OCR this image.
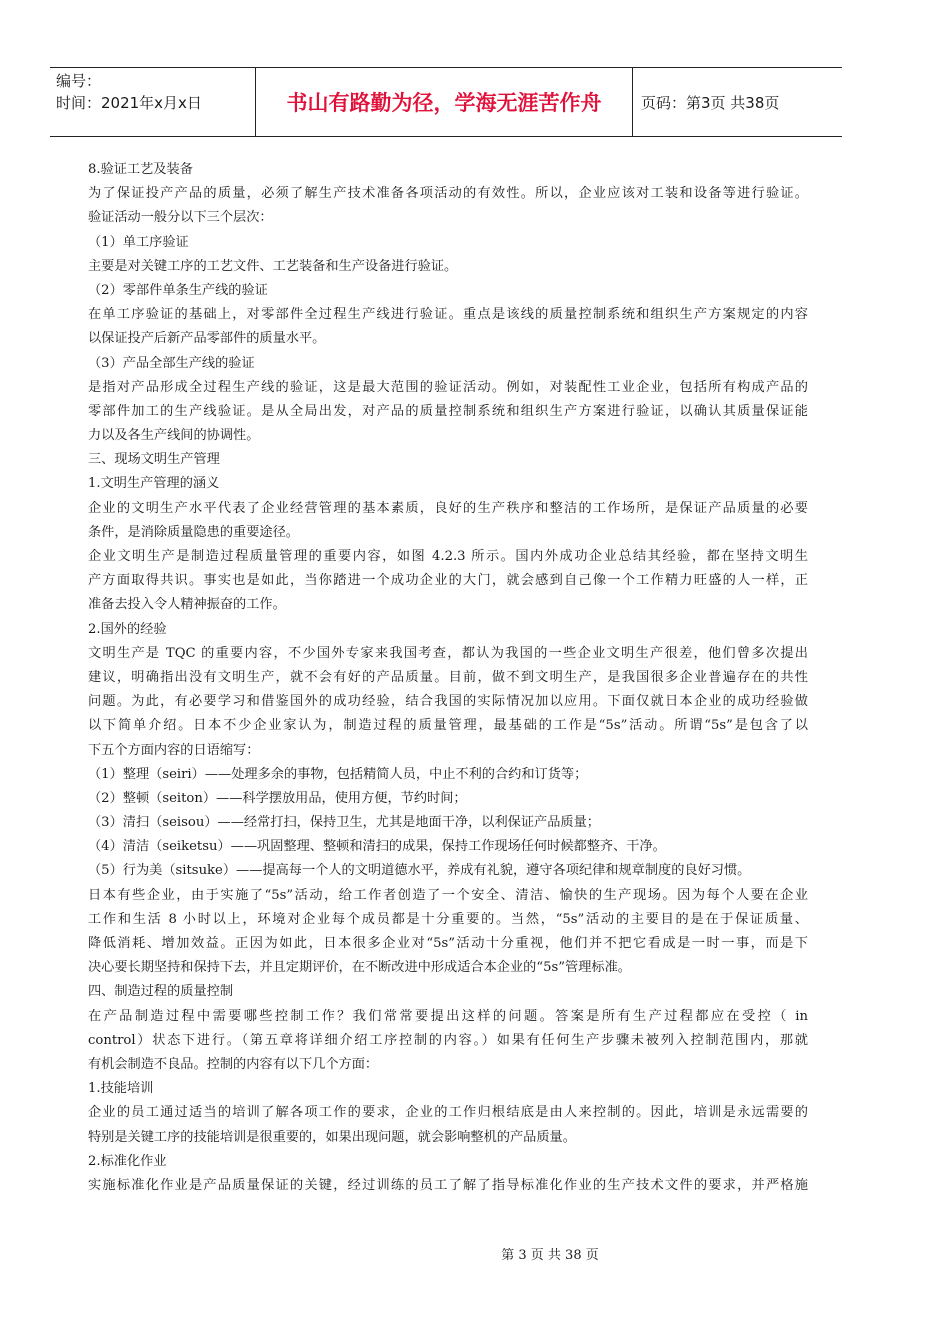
编号：
时间：2021年x月x日	书山有路勤为径，学海无涯苦作舟	页码：第3页 共38页
8.验证工艺及装备
为了保证投产产品的质量，必须了解生产技术准备各项活动的有效性。所以，企业应该对工装和设备等进行验证。
验证活动一般分以下三个层次：
（1）单工序验证
主要是对关键工序的工艺文件、工艺装备和生产设备进行验证。
（2）零部件单条生产线的验证
在单工序验证的基础上，对零部件全过程生产线进行验证。重点是该线的质量控制系统和组织生产方案规定的内容
以保证投产后新产品零部件的质量水平。
（3）产品全部生产线的验证
是指对产品形成全过程生产线的验证，这是最大范围的验证活动。例如，对装配性工业企业，包括所有构成产品的
零部件加工的生产线验证。是从全局出发，对产品的质量控制系统和组织生产方案进行验证，以确认其质量保证能
力以及各生产线间的协调性。
三、现场文明生产管理
1.文明生产管理的涵义
企业的文明生产水平代表了企业经营管理的基本素质，良好的生产秩序和整洁的工作场所，是保证产品质量的必要
条件，是消除质量隐患的重要途径。
企业文明生产是制造过程质量管理的重要内容，如图 4.2.3 所示。国内外成功企业总结其经验，都在坚持文明生
产方面取得共识。事实也是如此，当你踏进一个成功企业的大门，就会感到自己像一个工作精力旺盛的人一样，正
准备去投入令人精神振奋的工作。
2.国外的经验
文明生产是 TQC 的重要内容，不少国外专家来我国考查，都认为我国的一些企业文明生产很差，他们曾多次提出
建议，明确指出没有文明生产，就不会有好的产品质量。目前，做不到文明生产，是我国很多企业普遍存在的共性
问题。为此，有必要学习和借鉴国外的成功经验，结合我国的实际情况加以应用。下面仅就日本企业的成功经验做
以下简单介绍。日本不少企业家认为，制造过程的质量管理，最基础的工作是“5s”活动。所谓“5s”是包含了以
下五个方面内容的日语缩写：
（1）整理（seiri）——处理多余的事物，包括精简人员，中止不利的合约和订货等；
（2）整顿（seiton）——科学摆放用品，使用方便，节约时间；
（3）清扫（seisou）——经常打扫，保持卫生，尤其是地面干净，以利保证产品质量；
（4）清洁（seiketsu）——巩固整理、整顿和清扫的成果，保持工作现场任何时候都整齐、干净。
（5）行为美（sitsuke）——提高每一个人的文明道德水平，养成有礼貌，遵守各项纪律和规章制度的良好习惯。
日本有些企业，由于实施了“5s”活动，给工作者创造了一个安全、清洁、愉快的生产现场。因为每个人要在企业
工作和生活 8 小时以上，环境对企业每个成员都是十分重要的。当然，“5s”活动的主要目的是在于保证质量、
降低消耗、增加效益。正因为如此，日本很多企业对“5s”活动十分重视，他们并不把它看成是一时一事，而是下
决心要长期坚持和保持下去，并且定期评价，在不断改进中形成适合本企业的“5s”管理标准。
四、制造过程的质量控制
在产品制造过程中需要哪些控制工作？我们常常要提出这样的问题。答案是所有生产过程都应在受控（ in
control）状态下进行。（第五章将详细介绍工序控制的内容。）如果有任何生产步骤未被列入控制范围内，那就
有机会制造不良品。控制的内容有以下几个方面：
1.技能培训
企业的员工通过适当的培训了解各项工作的要求，企业的工作归根结底是由人来控制的。因此，培训是永远需要的
特别是关键工序的技能培训是很重要的，如果出现问题，就会影响整机的产品质量。
2.标准化作业
实施标准化作业是产品质量保证的关键，经过训练的员工了解了指导标准化作业的生产技术文件的要求，并严格施
第 3 页 共 38 页
